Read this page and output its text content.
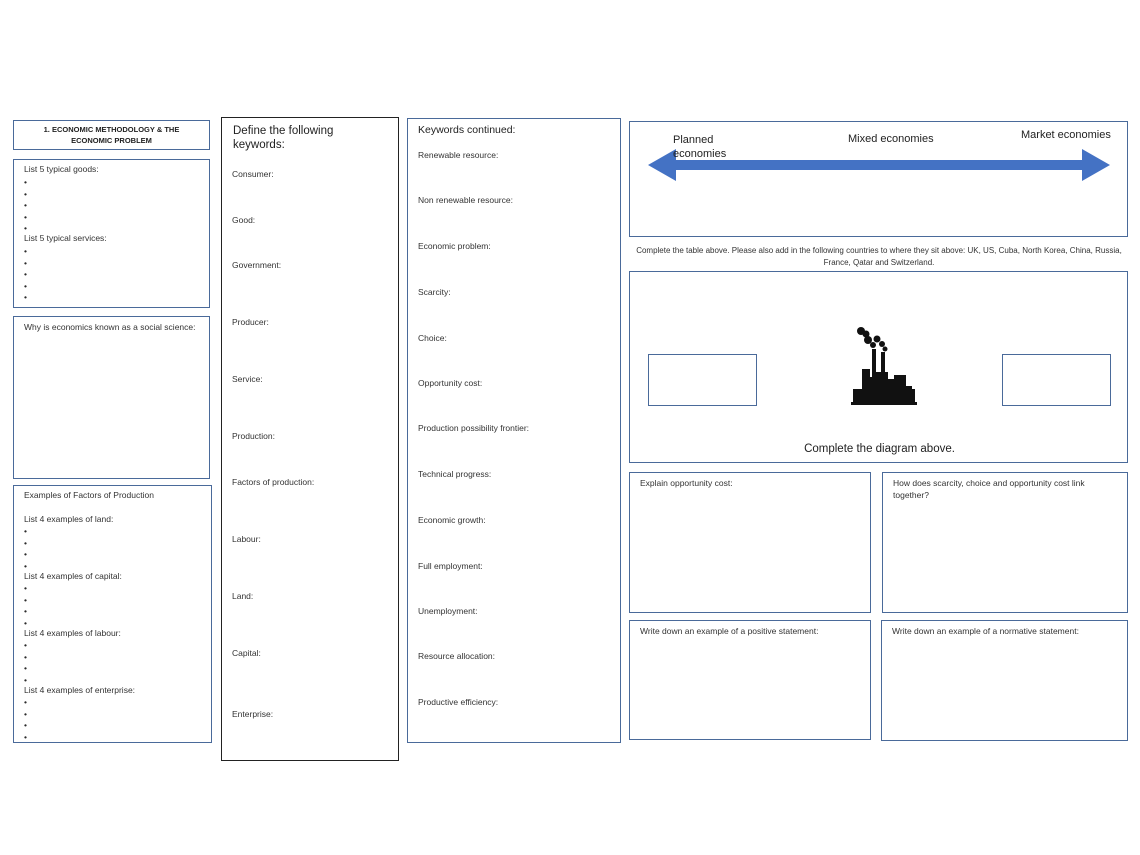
1. ECONOMIC METHODOLOGY & THE ECONOMIC PROBLEM
List 5 typical goods:
•
•
•
•
•
List 5 typical services:
•
•
•
•
•
Why is economics known as a social science:
Examples of Factors of Production
List 4 examples of land:
•
•
•
•
List 4 examples of capital:
•
•
•
•
List 4 examples of labour:
•
•
•
•
List 4 examples of enterprise:
•
•
•
•
Define the following keywords:
Consumer:
Good:
Government:
Producer:
Service:
Production:
Factors of production:
Labour:
Land:
Capital:
Enterprise:
Keywords continued:
Renewable resource:
Non renewable resource:
Economic problem:
Scarcity:
Choice:
Opportunity cost:
Production possibility frontier:
Technical progress:
Economic growth:
Full employment:
Unemployment:
Resource allocation:
Productive efficiency:
Planned economies
Mixed economies	Market economies
Complete the table above. Please also add in the following countries to where they sit above: UK, US, Cuba, North Korea, China, Russia, France, Qatar and Switzerland.
Complete the diagram above.
Explain opportunity cost:	How does scarcity, choice and opportunity cost link together?
Write down an example of a positive statement:	Write down an example of a normative statement:
